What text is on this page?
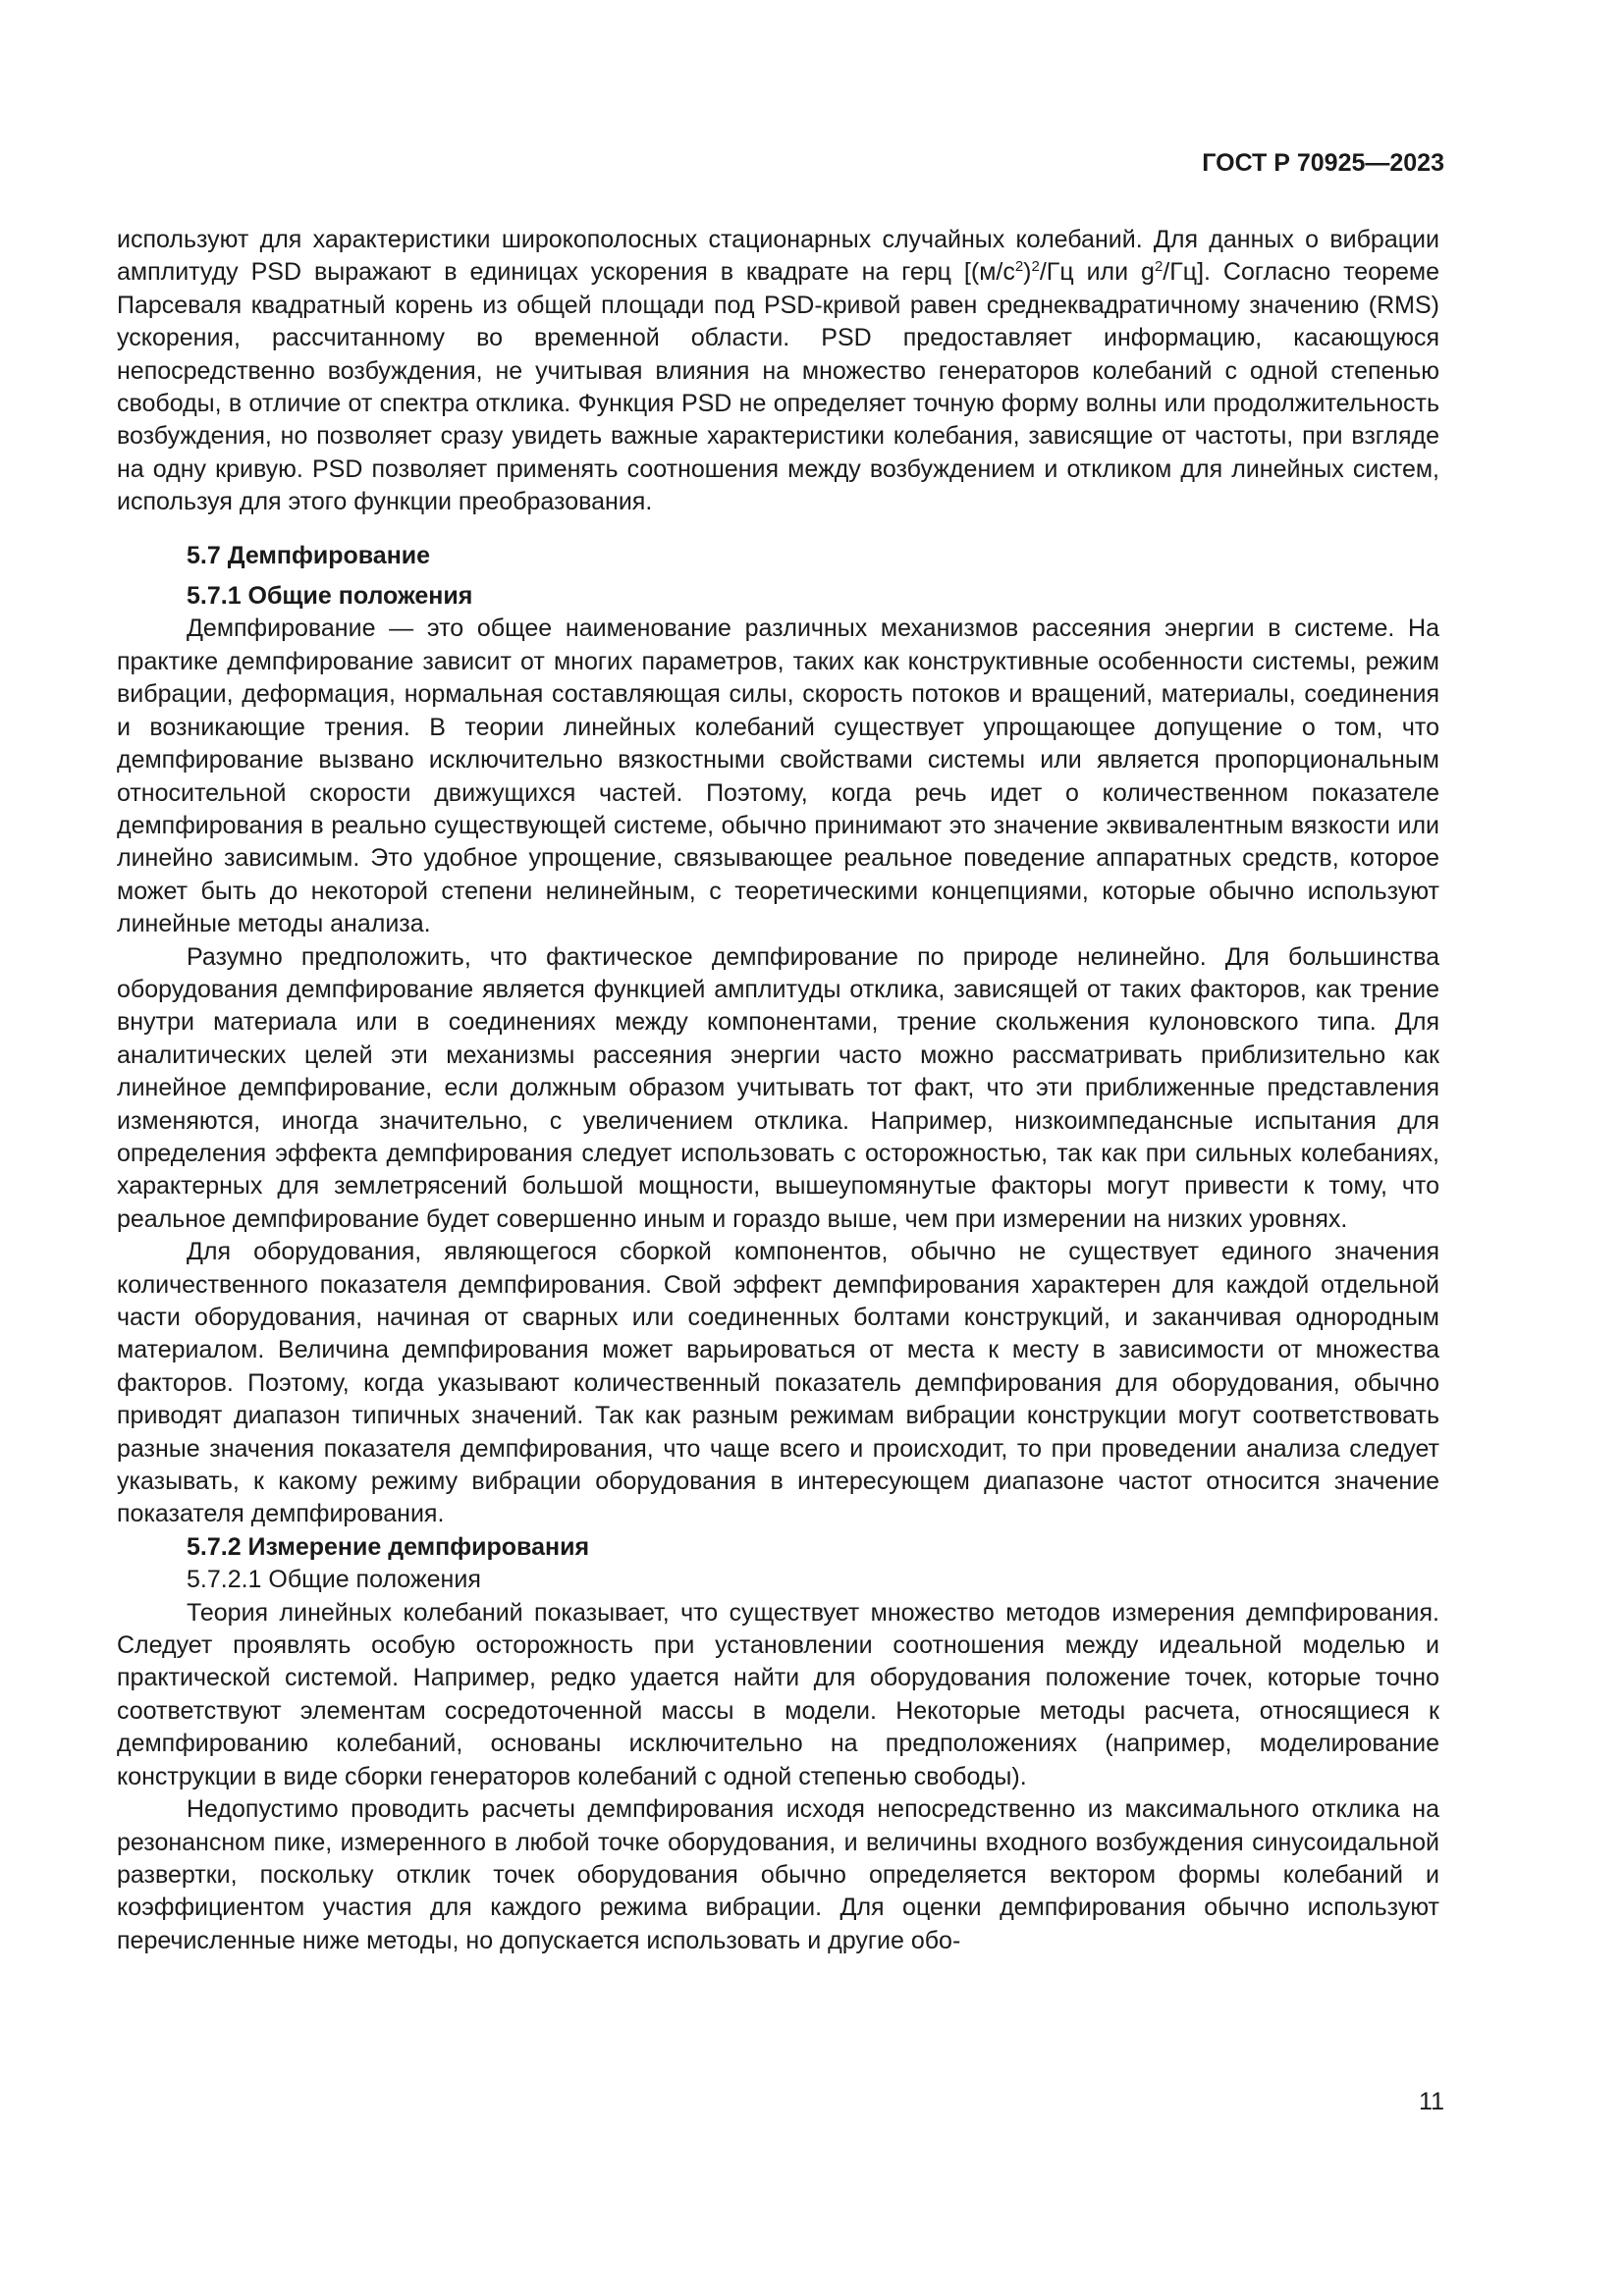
ГОСТ Р 70925—2023

используют для характеристики широкополосных стационарных случайных колебаний. Для данных о вибрации амплитуду PSD выражают в единицах ускорения в квадрате на герц [$(м/с^2)^2/Гц$ или $g^2/Гц$]. Согласно теореме Парсеваля квадратный корень из общей площади под PSD-кривой равен среднеквадратичному значению (RMS) ускорения, рассчитанному во временной области. PSD предоставляет информацию, касающуюся непосредственно возбуждения, не учитывая влияния на множество генераторов колебаний с одной степенью свободы, в отличие от спектра отклика. Функция PSD не определяет точную форму волны или продолжительность возбуждения, но позволяет сразу увидеть важные характеристики колебания, зависящие от частоты, при взгляде на одну кривую. PSD позволяет применять соотношения между возбуждением и откликом для линейных систем, используя для этого функции преобразования.

5.7 Демпфирование

5.7.1 Общие положения

Демпфирование — это общее наименование различных механизмов рассеяния энергии в системе. На практике демпфирование зависит от многих параметров, таких как конструктивные особенности системы, режим вибрации, деформация, нормальная составляющая силы, скорость потоков и вращений, материалы, соединения и возникающие трения. В теории линейных колебаний существует упрощающее допущение о том, что демпфирование вызвано исключительно вязкостными свойствами системы или является пропорциональным относительной скорости движущихся частей. Поэтому, когда речь идет о количественном показателе демпфирования в реально существующей системе, обычно принимают это значение эквивалентным вязкости или линейно зависимым. Это удобное упрощение, связывающее реальное поведение аппаратных средств, которое может быть до некоторой степени нелинейным, с теоретическими концепциями, которые обычно используют линейные методы анализа.

Разумно предположить, что фактическое демпфирование по природе нелинейно. Для большинства оборудования демпфирование является функцией амплитуды отклика, зависящей от таких факторов, как трение внутри материала или в соединениях между компонентами, трение скольжения кулоновского типа. Для аналитических целей эти механизмы рассеяния энергии часто можно рассматривать приблизительно как линейное демпфирование, если должным образом учитывать тот факт, что эти приближенные представления изменяются, иногда значительно, с увеличением отклика. Например, низкоимпедансные испытания для определения эффекта демпфирования следует использовать с осторожностью, так как при сильных колебаниях, характерных для землетрясений большой мощности, вышеупомянутые факторы могут привести к тому, что реальное демпфирование будет совершенно иным и гораздо выше, чем при измерении на низких уровнях.

Для оборудования, являющегося сборкой компонентов, обычно не существует единого значения количественного показателя демпфирования. Свой эффект демпфирования характерен для каждой отдельной части оборудования, начиная от сварных или соединенных болтами конструкций, и заканчивая однородным материалом. Величина демпфирования может варьироваться от места к месту в зависимости от множества факторов. Поэтому, когда указывают количественный показатель демпфирования для оборудования, обычно приводят диапазон типичных значений. Так как разным режимам вибрации конструкции могут соответствовать разные значения показателя демпфирования, что чаще всего и происходит, то при проведении анализа следует указывать, к какому режиму вибрации оборудования в интересующем диапазоне частот относится значение показателя демпфирования.

5.7.2 Измерение демпфирования

5.7.2.1 Общие положения

Теория линейных колебаний показывает, что существует множество методов измерения демпфирования. Следует проявлять особую осторожность при установлении соотношения между идеальной моделью и практической системой. Например, редко удается найти для оборудования положение точек, которые точно соответствуют элементам сосредоточенной массы в модели. Некоторые методы расчета, относящиеся к демпфированию колебаний, основаны исключительно на предположениях (например, моделирование конструкции в виде сборки генераторов колебаний с одной степенью свободы).

Недопустимо проводить расчеты демпфирования исходя непосредственно из максимального отклика на резонансном пике, измеренного в любой точке оборудования, и величины входного возбуждения синусоидальной развертки, поскольку отклик точек оборудования обычно определяется вектором формы колебаний и коэффициентом участия для каждого режима вибрации. Для оценки демпфирования обычно используют перечисленные ниже методы, но допускается использовать и другие обо-

11
